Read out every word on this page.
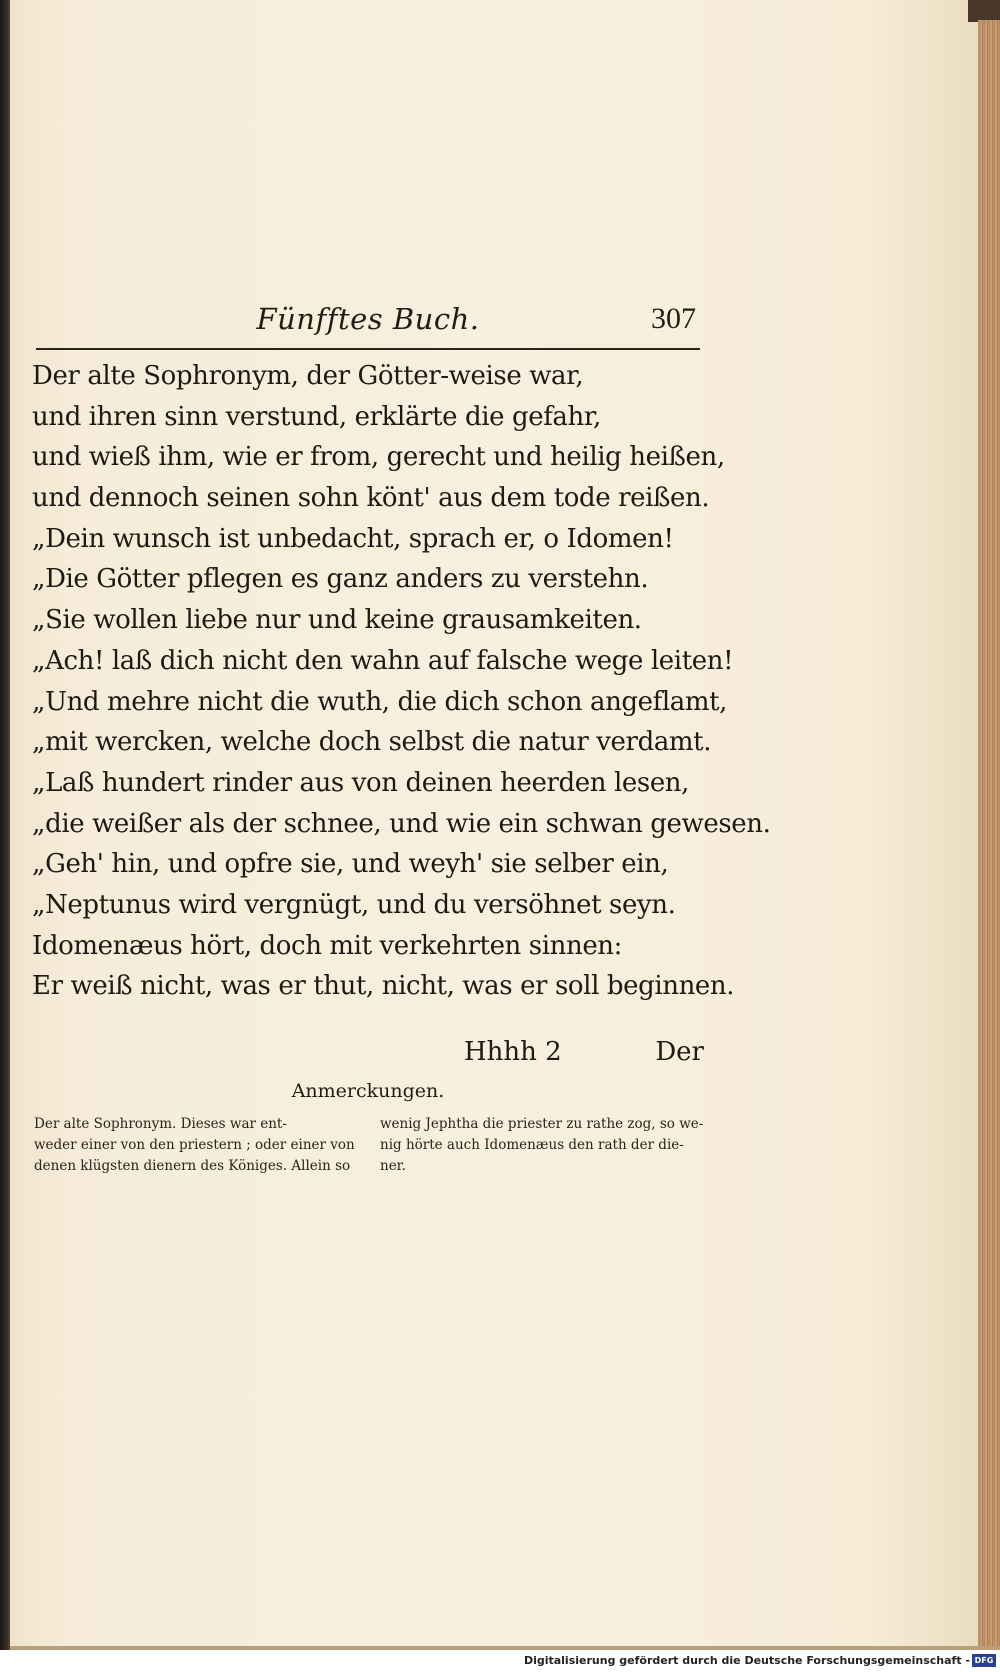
Fünfftes Buch.	307
Der alte Sophronym, der Götter-weise war,
und ihren sinn verstund, erklärte die gefahr,
und wieß ihm, wie er from, gerecht und heilig heißen,
und dennoch seinen sohn könt' aus dem tode reißen.
„Dein wunsch ist unbedacht, sprach er, o Idomen!
„Die Götter pflegen es ganz anders zu verstehn.
„Sie wollen liebe nur und keine grausamkeiten.
„Ach! laß dich nicht den wahn auf falsche wege leiten!
„Und mehre nicht die wuth, die dich schon angeflamt,
„mit wercken, welche doch selbst die natur verdamt.
„Laß hundert rinder aus von deinen heerden lesen,
„die weißer als der schnee, und wie ein schwan gewesen.
„Geh' hin, und opfre sie, und weyh' sie selber ein,
„Neptunus wird vergnügt, und du versöhnet seyn.
Idomenæus hört, doch mit verkehrten sinnen:
Er weiß nicht, was er thut, nicht, was er soll beginnen.
Hhhh 2	Der
Anmerckungen.
Der alte Sophronym. Dieses war ent-
weder einer von den priestern ; oder einer von
denen klügsten dienern des Königes. Allein so
wenig Jephtha die priester zu rathe zog, so we-
nig hörte auch Idomenæus den rath der die-
ner.
Digitalisierung gefördert durch die Deutsche Forschungsgemeinschaft - DFG
